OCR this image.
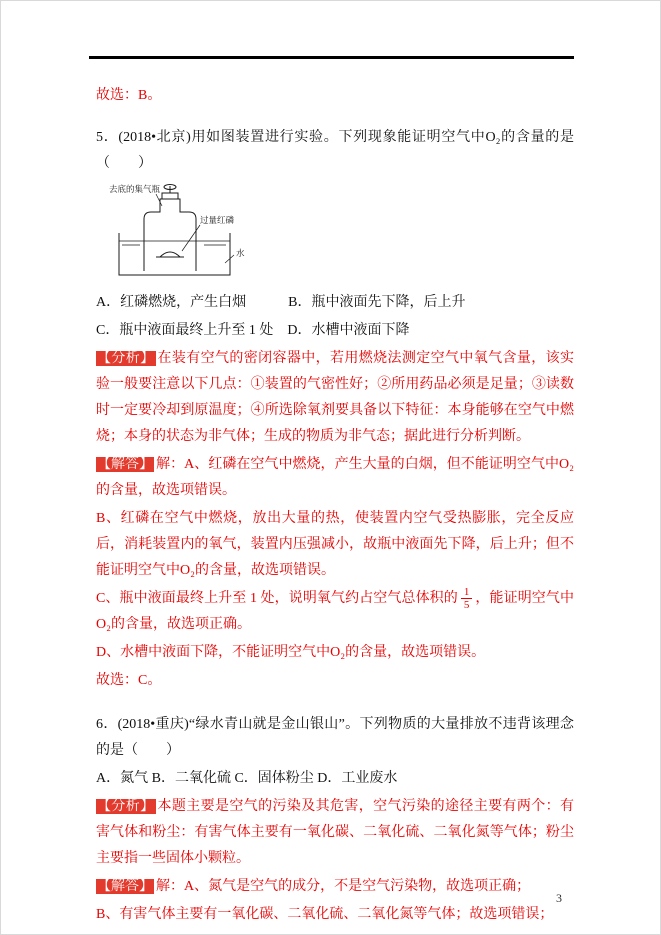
故选：B。

5．(2018•北京)用如图装置进行实验。下列现象能证明空气中O₂的含量的是（　　）

去底的集气瓶
过量红磷
水

A．红磷燃烧，产生白烟　　　B．瓶中液面先下降，后上升

C．瓶中液面最终上升至 1 处　D．水槽中液面下降

【分析】 在装有空气的密闭容器中，若用燃烧法测定空气中氧气含量，该实验一般要注意以下几点：①装置的气密性好；②所用药品必须是足量；③读数时一定要冷却到原温度；④所选除氧剂要具备以下特征：本身能够在空气中燃烧；本身的状态为非气体；生成的物质为非气态；据此进行分析判断。

【解答】 解：A、红磷在空气中燃烧，产生大量的白烟，但不能证明空气中O₂的含量，故选项错误。

B、红磷在空气中燃烧，放出大量的热，使装置内空气受热膨胀，完全反应后，消耗装置内的氧气，装置内压强减小，故瓶中液面先下降，后上升；但不能证明空气中O₂的含量，故选项错误。

C、瓶中液面最终上升至 1 处，说明氧气约占空气总体积的 $\frac{1}{5}$ ，能证明空气中O₂的含量，故选项正确。

D、水槽中液面下降，不能证明空气中O₂的含量，故选项错误。

故选：C。

6．(2018•重庆)“绿水青山就是金山银山”。下列物质的大量排放不违背该理念的是（　　）

A．氮气 B．二氧化硫 C．固体粉尘 D．工业废水

【分析】 本题主要是空气的污染及其危害，空气污染的途径主要有两个：有害气体和粉尘：有害气体主要有一氧化碳、二氧化硫、二氧化氮等气体；粉尘主要指一些固体小颗粒。

【解答】 解：A、氮气是空气的成分，不是空气污染物，故选项正确；

B、有害气体主要有一氧化碳、二氧化硫、二氧化氮等气体；故选项错误；

3
